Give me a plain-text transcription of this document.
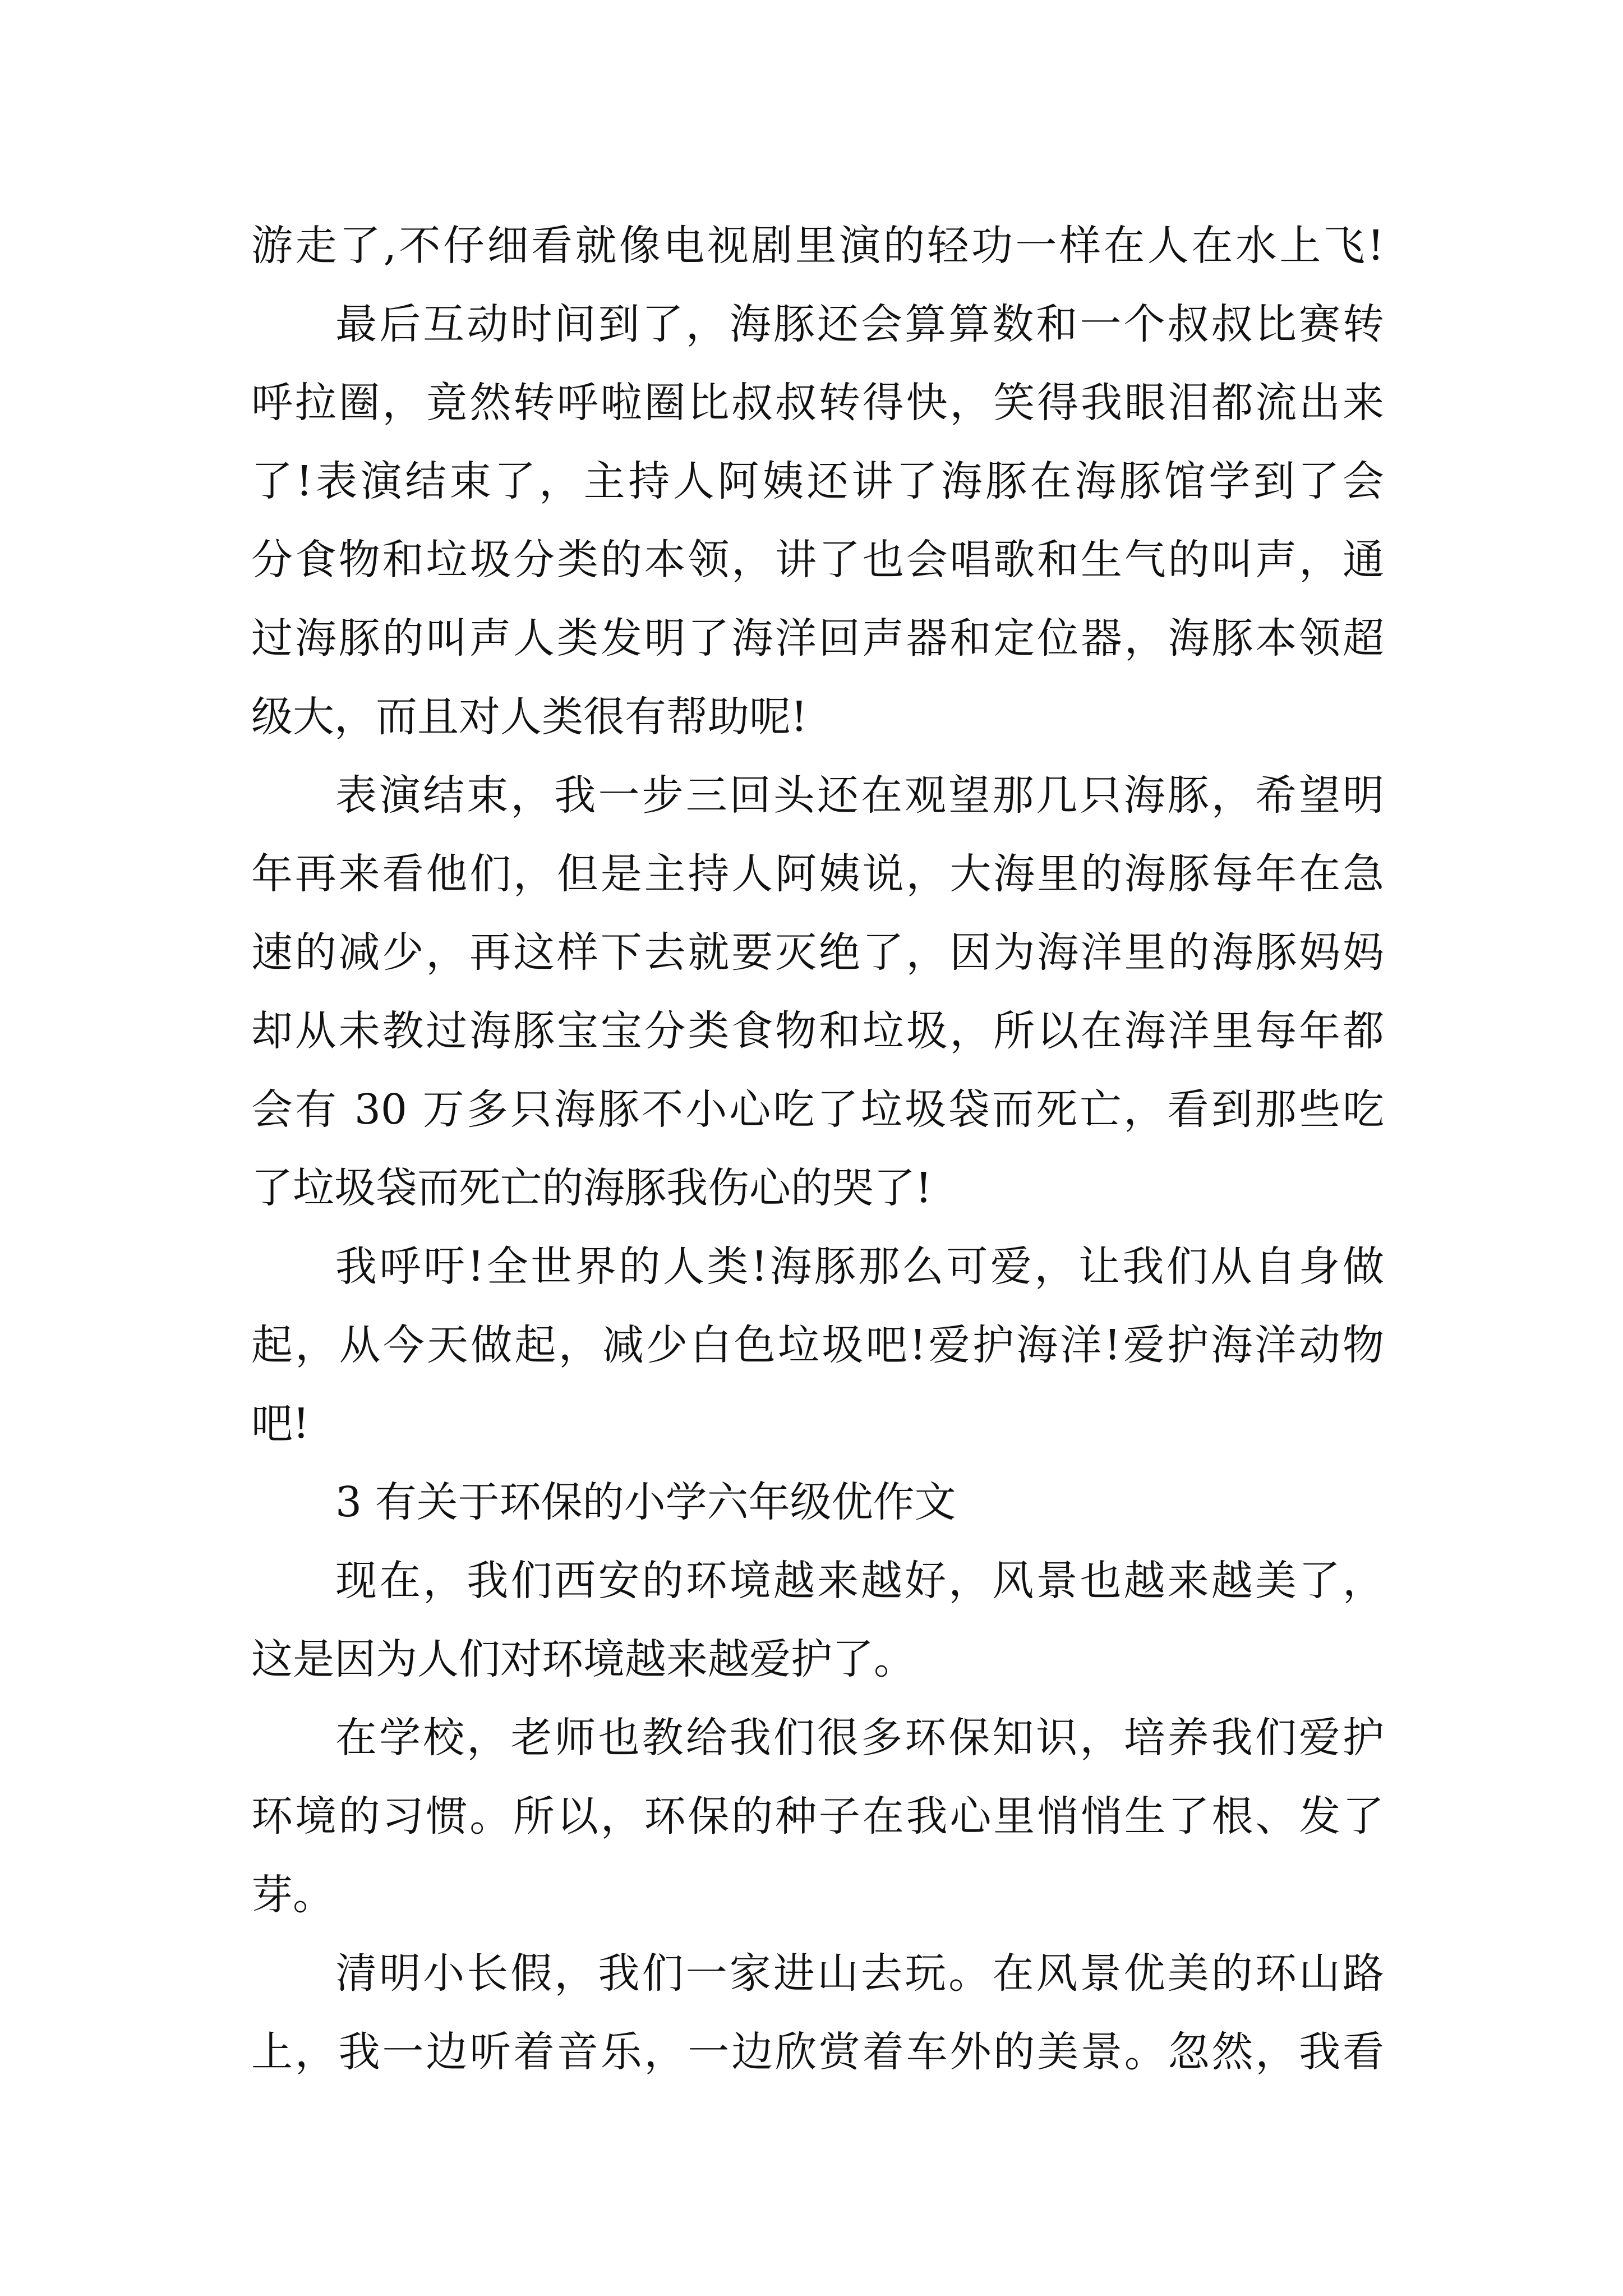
游走了,不仔细看就像电视剧里演的轻功一样在人在水上飞!
最后互动时间到了，海豚还会算算数和一个叔叔比赛转
呼拉圈，竟然转呼啦圈比叔叔转得快，笑得我眼泪都流出来
了!表演结束了，主持人阿姨还讲了海豚在海豚馆学到了会
分食物和垃圾分类的本领，讲了也会唱歌和生气的叫声，通
过海豚的叫声人类发明了海洋回声器和定位器，海豚本领超
级大，而且对人类很有帮助呢!
表演结束，我一步三回头还在观望那几只海豚，希望明
年再来看他们，但是主持人阿姨说，大海里的海豚每年在急
速的减少，再这样下去就要灭绝了，因为海洋里的海豚妈妈
却从未教过海豚宝宝分类食物和垃圾，所以在海洋里每年都
会有 30 万多只海豚不小心吃了垃圾袋而死亡，看到那些吃
了垃圾袋而死亡的海豚我伤心的哭了!
我呼吁!全世界的人类!海豚那么可爱，让我们从自身做
起，从今天做起，减少白色垃圾吧!爱护海洋!爱护海洋动物
吧!
3 有关于环保的小学六年级优作文
现在，我们西安的环境越来越好，风景也越来越美了，
这是因为人们对环境越来越爱护了。
在学校，老师也教给我们很多环保知识，培养我们爱护
环境的习惯。所以，环保的种子在我心里悄悄生了根、发了
芽。
清明小长假，我们一家进山去玩。在风景优美的环山路
上，我一边听着音乐，一边欣赏着车外的美景。忽然，我看
